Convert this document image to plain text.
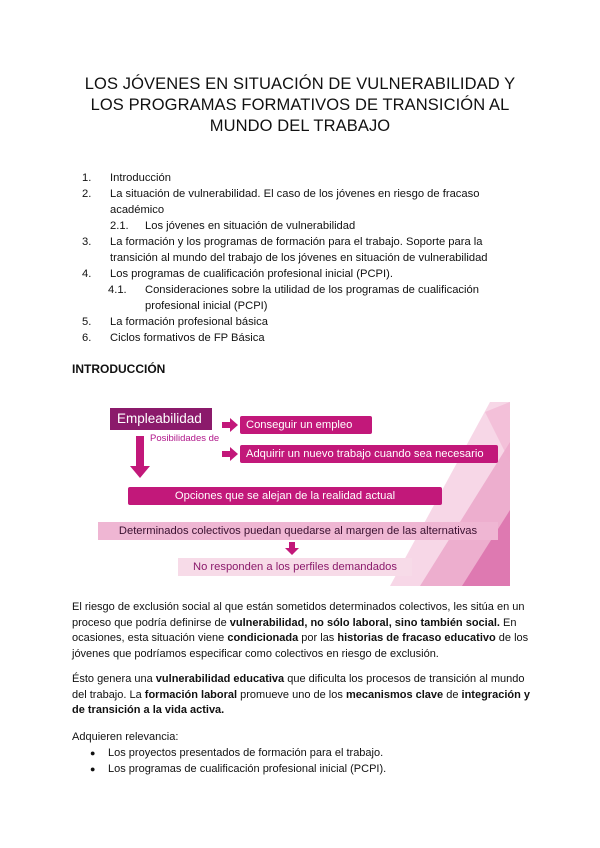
LOS JÓVENES EN SITUACIÓN DE VULNERABILIDAD Y
LOS PROGRAMAS FORMATIVOS DE TRANSICIÓN AL
MUNDO DEL TRABAJO
1. Introducción
2. La situación de vulnerabilidad. El caso de los jóvenes en riesgo de fracaso
académico
2.1. Los jóvenes en situación de vulnerabilidad
3. La formación y los programas de formación para el trabajo. Soporte para la
transición al mundo del trabajo de los jóvenes en situación de vulnerabilidad
4. Los programas de cualificación profesional inicial (PCPI).
4.1. Consideraciones sobre la utilidad de los programas de cualificación
profesional inicial (PCPI)
5. La formación profesional básica
6. Ciclos formativos de FP Básica
INTRODUCCIÓN
Empleabilidad
Posibilidades de
Conseguir un empleo
Adquirir un nuevo trabajo cuando sea necesario
Opciones que se alejan de la realidad actual
Determinados colectivos puedan quedarse al margen de las alternativas
No responden a los perfiles demandados
El riesgo de exclusión social al que están sometidos determinados colectivos, les sitúa en un proceso que podría definirse de vulnerabilidad, no sólo laboral, sino también social. En ocasiones, esta situación viene condicionada por las historias de fracaso educativo de los jóvenes que podríamos especificar como colectivos en riesgo de exclusión.
Ésto genera una vulnerabilidad educativa que dificulta los procesos de transición al mundo del trabajo. La formación laboral promueve uno de los mecanismos clave de integración y de transición a la vida activa.
Adquieren relevancia:
● Los proyectos presentados de formación para el trabajo.
● Los programas de cualificación profesional inicial (PCPI).
